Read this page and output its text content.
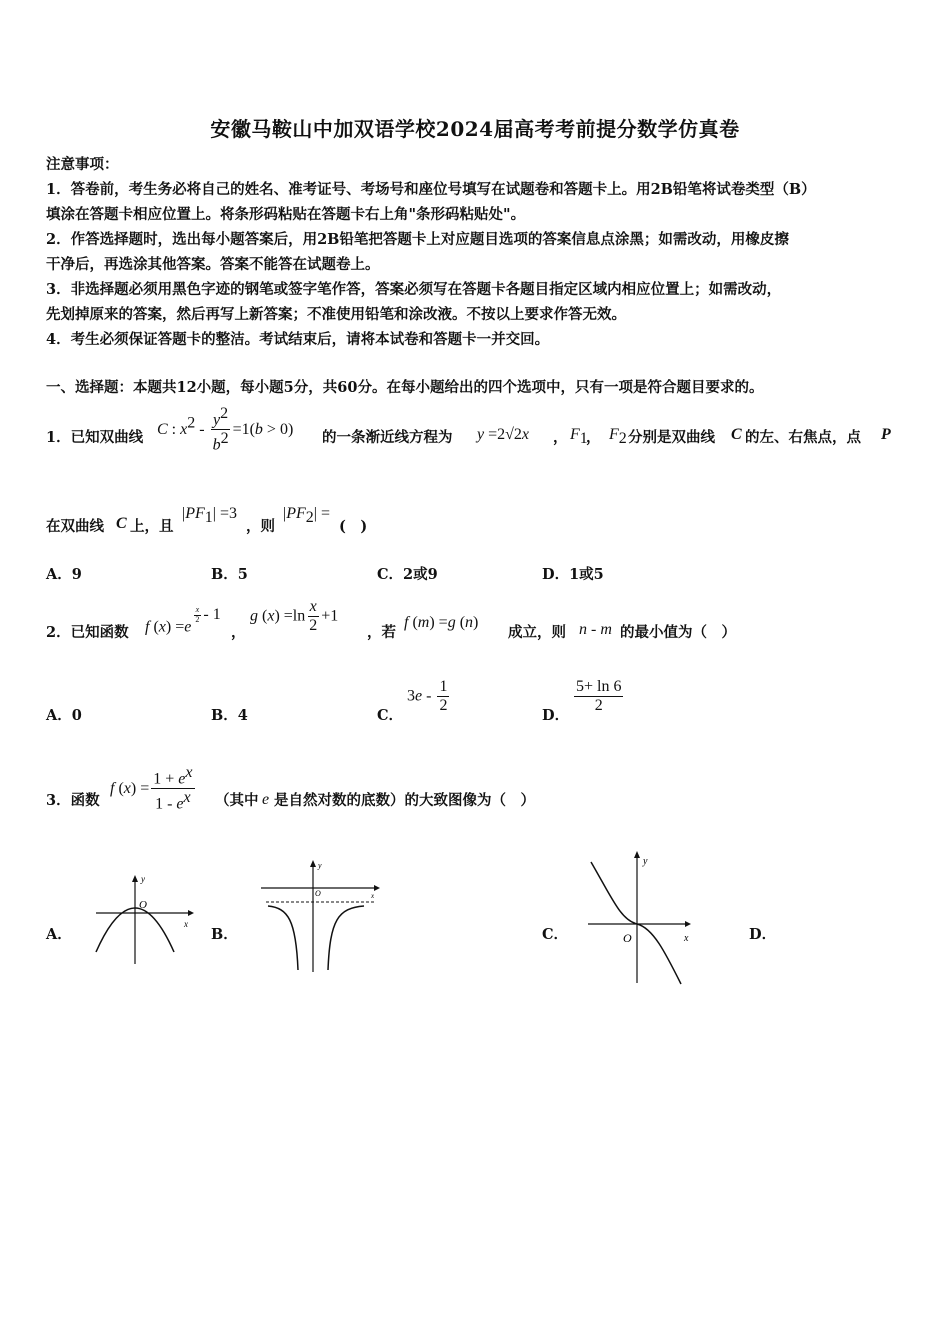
安徽马鞍山中加双语学校2024届高考考前提分数学仿真卷
注意事项：
1．答卷前，考生务必将自己的姓名、准考证号、考场号和座位号填写在试题卷和答题卡上。用2B铅笔将试卷类型（B）
填涂在答题卡相应位置上。将条形码粘贴在答题卡右上角"条形码粘贴处"。
2．作答选择题时，选出每小题答案后，用2B铅笔把答题卡上对应题目选项的答案信息点涂黑；如需改动，用橡皮擦
干净后，再选涂其他答案。答案不能答在试题卷上。
3．非选择题必须用黑色字迹的钢笔或签字笔作答，答案必须写在答题卡各题目指定区域内相应位置上；如需改动，
先划掉原来的答案，然后再写上新答案；不准使用铅笔和涂改液。不按以上要求作答无效。
4．考生必须保证答题卡的整洁。考试结束后，请将本试卷和答题卡一并交回。
一、选择题：本题共12小题，每小题5分，共60分。在每小题给出的四个选项中，只有一项是符合题目要求的。
1．已知双曲线 C : $x^2 - \frac{y^2}{b^2} =1(b > 0)$ 的一条渐近线方程为 y =2√2x ， $F_1$
， $F_2$ 分别是双曲线 C 的左、右焦点，点 P
在双曲线 C 上，且
$|PF_1| =3$
，则
$|PF_2|$ =
(　)
A．9	B．5	C．2或9	D．1或5
2．已知函数 f (x) =e
$^{\frac{x}{2} - 1}$
，
g $(x) =\ln \frac{x}{2} +1$
，若
f (m) =g (n)
成立，则 n - m 的最小值为（　）
A．0	B．4	C．
$3e - \frac{1}{2}$
D．
$\frac{5+ \ln 6}{2}$
3．函数
f $(x) = \frac{1 + e^x}{1 - e^x}$ （其中 e 是自然对数的底数）的大致图像为（　）
A．	B．	C．	D．
y
O
x
y
O	x
y
O	x
